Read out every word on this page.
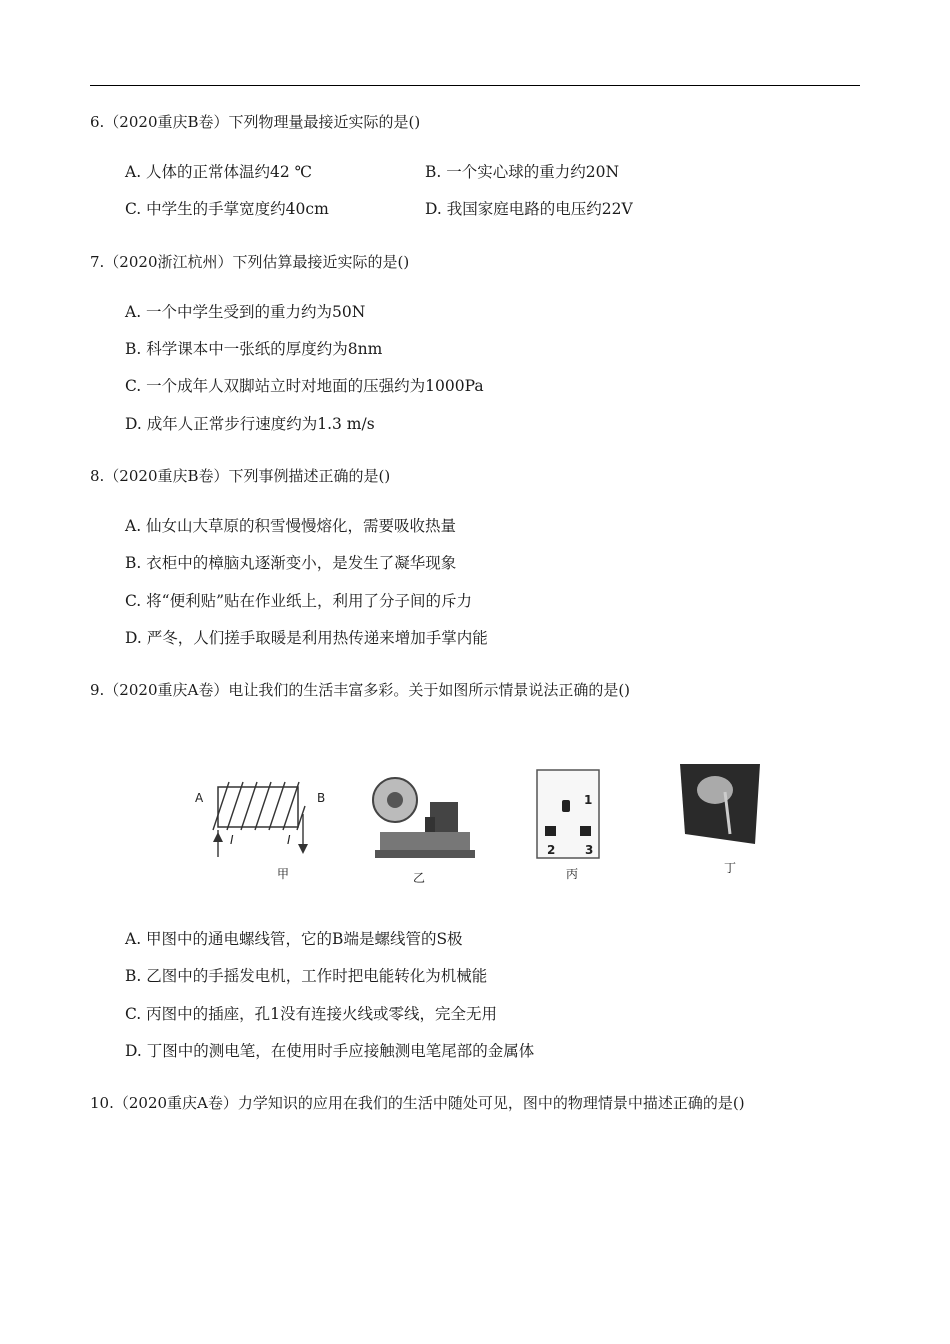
6.（2020重庆B卷）下列物理量最接近实际的是()
A. 人体的正常体温约42 ℃	B. 一个实心球的重力约20N
C. 中学生的手掌宽度约40cm	D. 我国家庭电路的电压约22V
7.（2020浙江杭州）下列估算最接近实际的是()
A. 一个中学生受到的重力约为50N
B. 科学课本中一张纸的厚度约为8nm
C. 一个成年人双脚站立时对地面的压强约为1000Pa
D. 成年人正常步行速度约为1.3 m/s
8.（2020重庆B卷）下列事例描述正确的是()
A. 仙女山大草原的积雪慢慢熔化，需要吸收热量
B. 衣柜中的樟脑丸逐渐变小，是发生了凝华现象
C. 将“便利贴”贴在作业纸上，利用了分子间的斥力
D. 严冬，人们搓手取暖是利用热传递来增加手掌内能
9.（2020重庆A卷）电让我们的生活丰富多彩。关于如图所示情景说法正确的是()
A	B
I	I
甲	乙
1
2 3
丙	丁
A. 甲图中的通电螺线管，它的B端是螺线管的S极
B. 乙图中的手摇发电机，工作时把电能转化为机械能
C. 丙图中的插座，孔1没有连接火线或零线，完全无用
D. 丁图中的测电笔，在使用时手应接触测电笔尾部的金属体
10.（2020重庆A卷）力学知识的应用在我们的生活中随处可见，图中的物理情景中描述正确的是()
